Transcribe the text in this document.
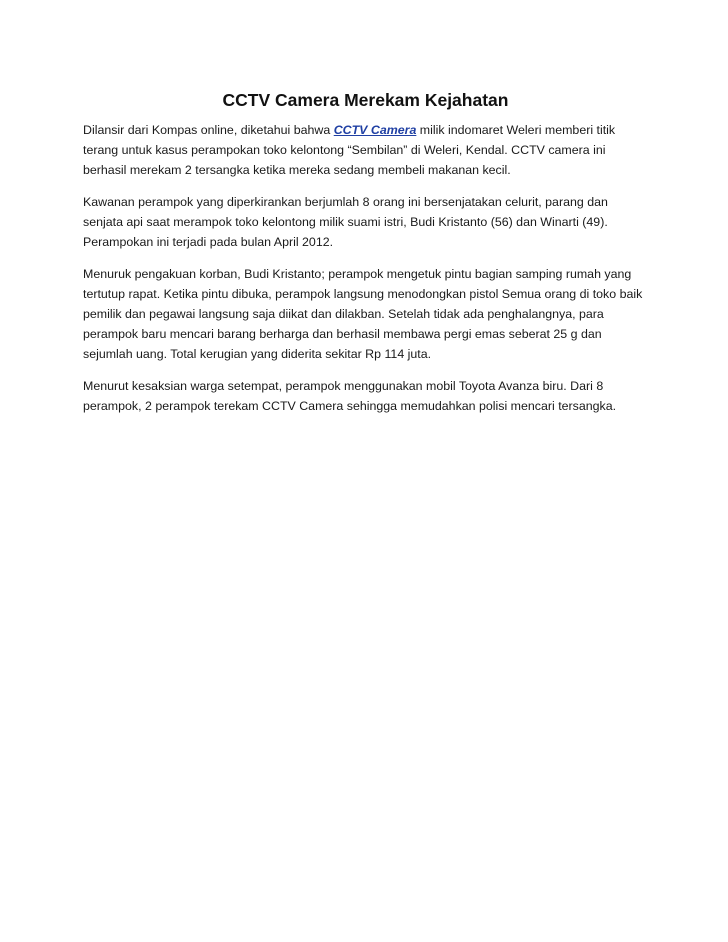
CCTV Camera Merekam Kejahatan

Dilansir dari Kompas online, diketahui bahwa CCTV Camera milik indomaret Weleri memberi titik terang untuk kasus perampokan toko kelontong “Sembilan” di Weleri, Kendal. CCTV camera ini berhasil merekam 2 tersangka ketika mereka sedang membeli makanan kecil.

Kawanan perampok yang diperkirankan berjumlah 8 orang ini bersenjatakan celurit, parang dan senjata api saat merampok toko kelontong milik suami istri, Budi Kristanto (56) dan Winarti (49). Perampokan ini terjadi pada bulan April 2012.

Menuruk pengakuan korban, Budi Kristanto; perampok mengetuk pintu bagian samping rumah yang tertutup rapat. Ketika pintu dibuka, perampok langsung menodongkan pistol Semua orang di toko baik pemilik dan pegawai langsung saja diikat dan dilakban. Setelah tidak ada penghalangnya, para perampok baru mencari barang berharga dan berhasil membawa pergi emas seberat 25 g dan sejumlah uang. Total kerugian yang diderita sekitar Rp 114 juta.

Menurut kesaksian warga setempat, perampok menggunakan mobil Toyota Avanza biru. Dari 8 perampok, 2 perampok terekam CCTV Camera sehingga memudahkan polisi mencari tersangka.
